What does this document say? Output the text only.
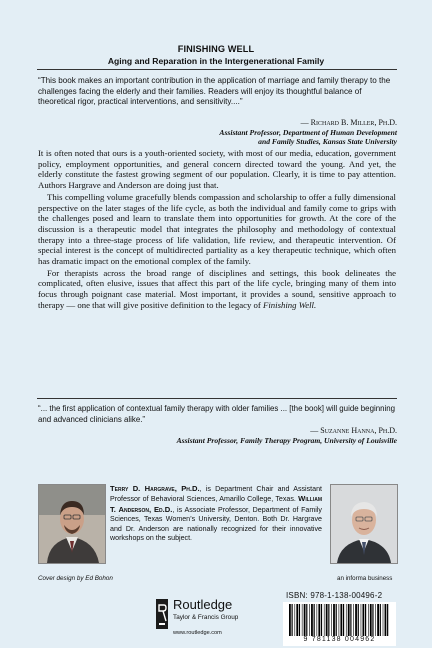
FINISHING WELL
Aging and Reparation in the Intergenerational Family
“This book makes an important contribution in the application of marriage and family therapy to the challenges facing the elderly and their families. Readers will enjoy its thoughtful balance of theoretical rigor, practical interventions, and sensitivity....”
— Richard B. Miller, Ph.D.
Assistant Professor, Department of Human Development
and Family Studies, Kansas State University

It is often noted that ours is a youth-oriented society, with most of our media, education, government policy, employment opportunities, and general concern directed toward the young. And yet, the elderly constitute the fastest growing segment of our population. Clearly, it is time to pay attention. Authors Hargrave and Anderson are doing just that.

This compelling volume gracefully blends compassion and scholarship to offer a fully dimensional perspective on the later stages of the life cycle, as both the individual and family come to grips with the challenges posed and learn to translate them into opportunities for growth. At the core of the discussion is a therapeutic model that integrates the philosophy and methodology of contextual therapy into a three-stage process of life validation, life review, and therapeutic intervention. Of special interest is the concept of multidirected partiality as a key therapeutic technique, which often has dramatic impact on the emotional complex of the family.

For therapists across the broad range of disciplines and settings, this book delineates the complicated, often elusive, issues that affect this part of the life cycle, bringing many of them into focus through poignant case material. Most important, it provides a sound, sensitive approach to therapy — one that will give positive definition to the legacy of Finishing Well.

“... the first application of contextual family therapy with older families ... [the book] will guide beginning and advanced clinicians alike.”
— Suzanne Hanna, Ph.D.
Assistant Professor, Family Therapy Program, University of Louisville
Terry D. Hargrave, Ph.D., is Department Chair and Assistant Professor of Behavioral Sciences, Amarillo College, Texas. William T. Anderson, Ed.D., is Associate Professor, Department of Family Sciences, Texas Women’s University, Denton. Both Dr. Hargrave and Dr. Anderson are nationally recognized for their innovative workshops on the subject.
Cover design by Ed Bohon	an informa business
Routledge
Taylor & Francis Group
www.routledge.com
ISBN: 978-1-138-00496-2
9 781138 004962
